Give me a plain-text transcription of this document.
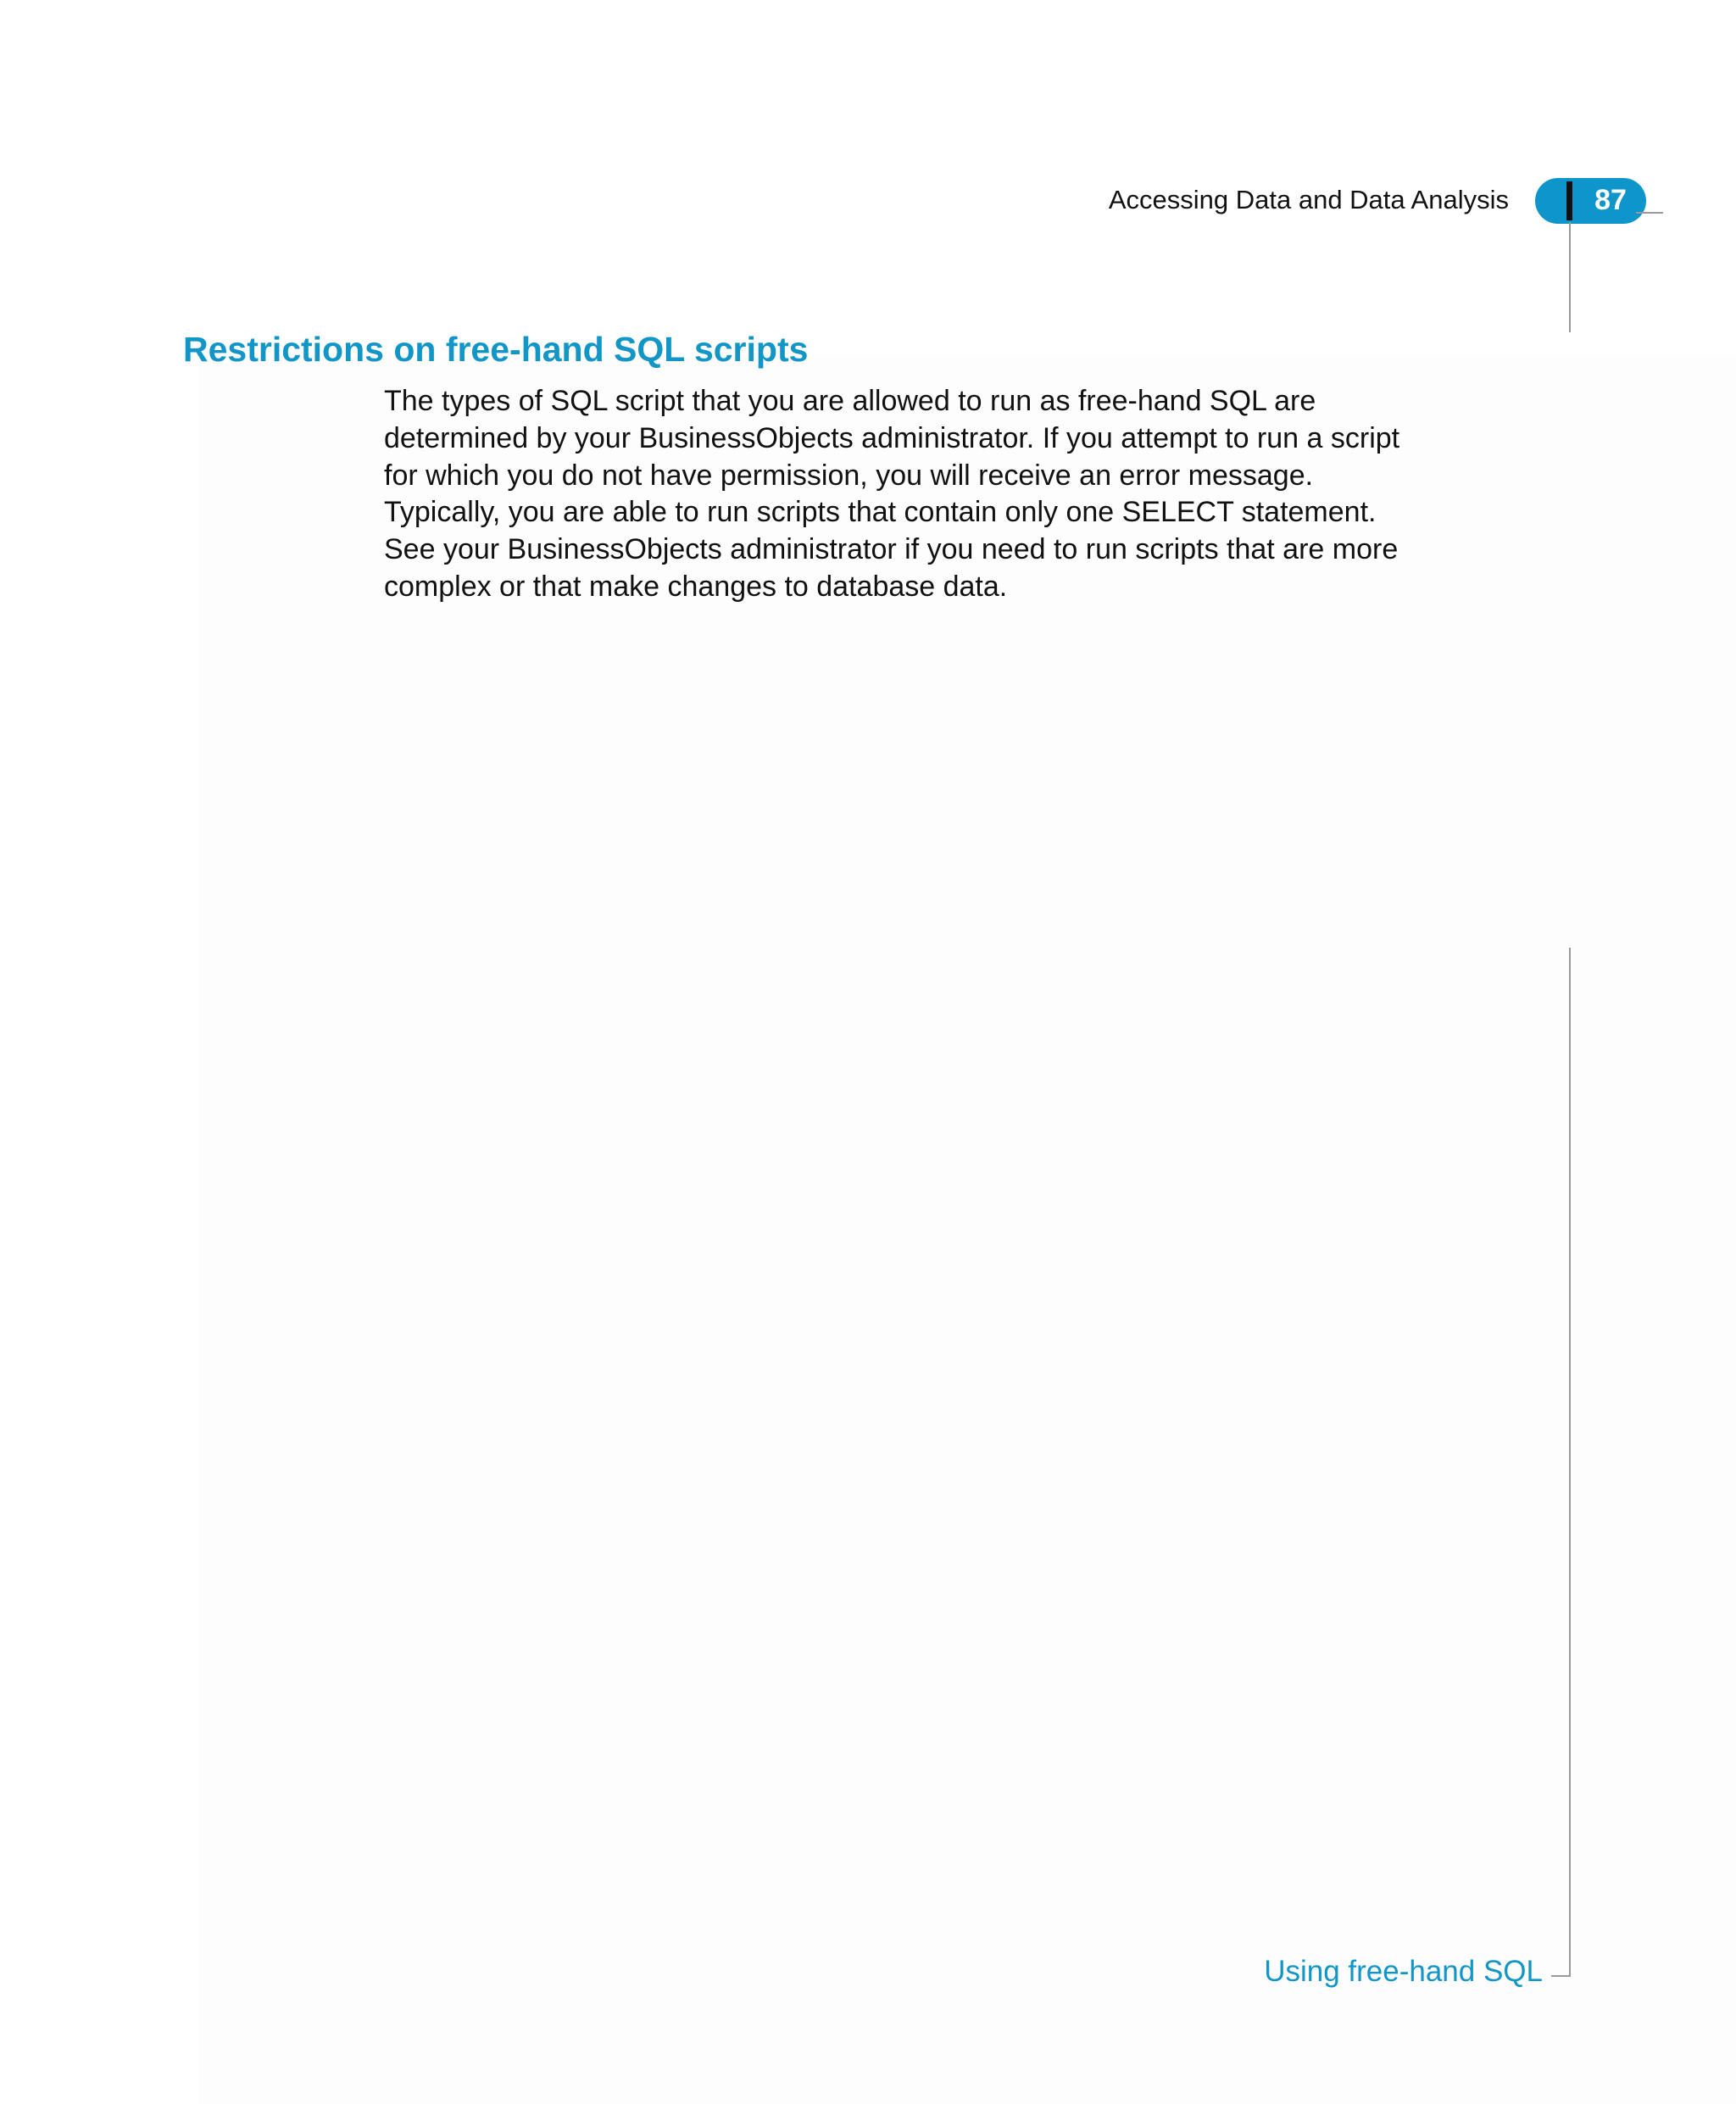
Accessing Data and Data Analysis	87
Restrictions on free-hand SQL scripts

The types of SQL script that you are allowed to run as free-hand SQL are
determined by your BusinessObjects administrator. If you attempt to run a script
for which you do not have permission, you will receive an error message.
Typically, you are able to run scripts that contain only one SELECT statement.
See your BusinessObjects administrator if you need to run scripts that are more
complex or that make changes to database data.

Using free-hand SQL
